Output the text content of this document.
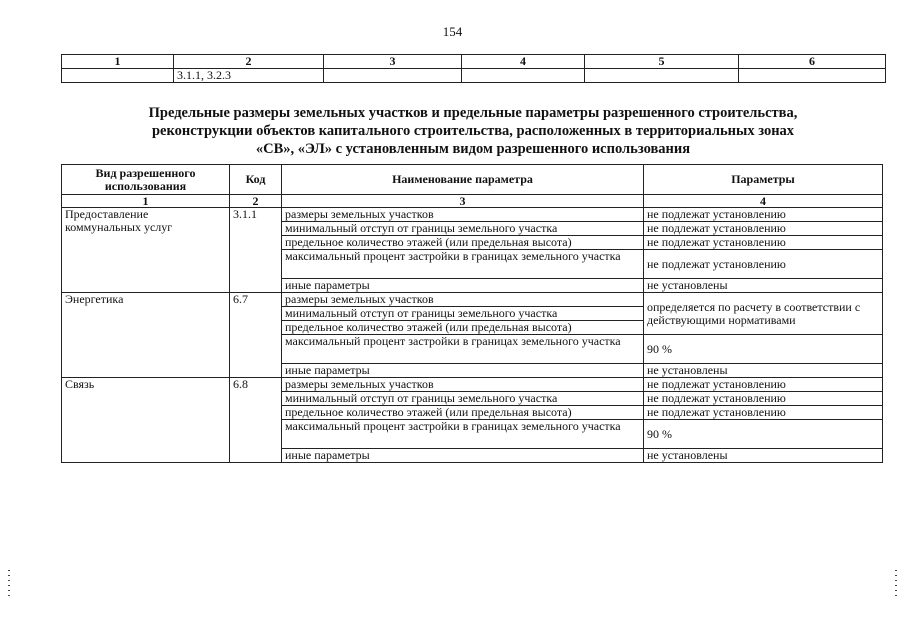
154
1	2	3	4	5	6
	3.1.1, 3.2.3				
Предельные размеры земельных участков и предельные параметры разрешенного строительства,
реконструкции объектов капитального строительства, расположенных в территориальных зонах
«СВ», «ЭЛ» с установленным видом разрешенного использования
Вид разрешенного использования	Код	Наименование параметра	Параметры
1	2	3	4
Предоставление коммунальных услуг	3.1.1	размеры земельных участков	не подлежат установлению
		минимальный отступ от границы земельного участка	не подлежат установлению
		предельное количество этажей (или предельная высота)	не подлежат установлению
		максимальный процент застройки в границах земельного участка	не подлежат установлению
		иные параметры	не установлены
Энергетика	6.7	размеры земельных участков	определяется по расчету в соответствии с действующими нормативами
		минимальный отступ от границы земельного участка	
		предельное количество этажей (или предельная высота)	
		максимальный процент застройки в границах земельного участка	90 %
		иные параметры	не установлены
Связь	6.8	размеры земельных участков	не подлежат установлению
		минимальный отступ от границы земельного участка	не подлежат установлению
		предельное количество этажей (или предельная высота)	не подлежат установлению
		максимальный процент застройки в границах земельного участка	90 %
		иные параметры	не установлены
